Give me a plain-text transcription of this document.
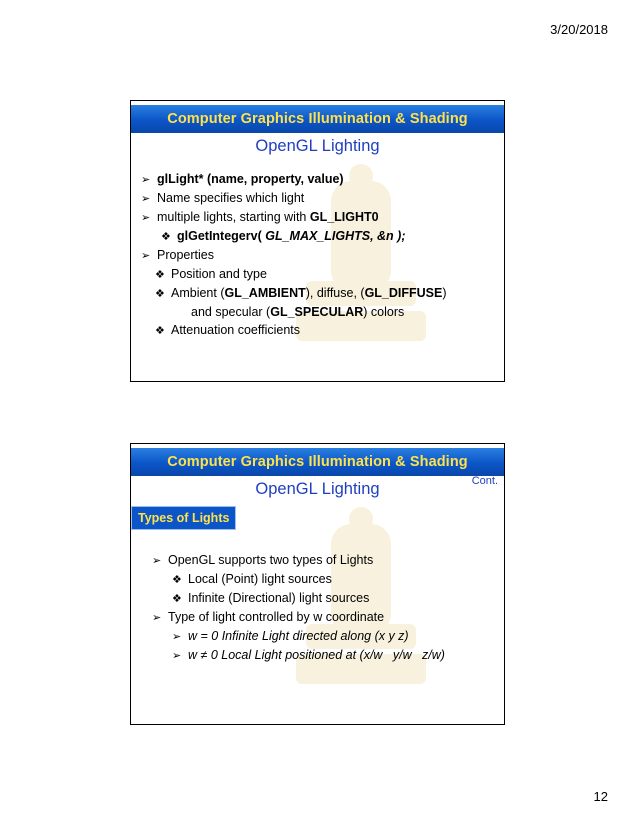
3/20/2018
Computer Graphics Illumination & Shading
OpenGL Lighting
➢ glLight* (name, property, value)
➢ Name specifies which light
➢ multiple lights, starting with GL_LIGHT0
❖ glGetIntegerv( GL_MAX_LIGHTS, &n );
➢ Properties
❖ Position and type
❖ Ambient (GL_AMBIENT), diffuse, (GL_DIFFUSE)
and specular (GL_SPECULAR) colors
❖ Attenuation coefficients
Computer Graphics Illumination & Shading
OpenGL Lighting	Cont.
Types of Lights
➢ OpenGL supports two types of Lights
❖ Local (Point) light sources
❖ Infinite (Directional) light sources
➢ Type of light controlled by w coordinate
➢ w = 0 Infinite Light directed along (x y z)
➢ w ≠ 0 Local Light positioned at (x/w   y/w   z/w)
12
